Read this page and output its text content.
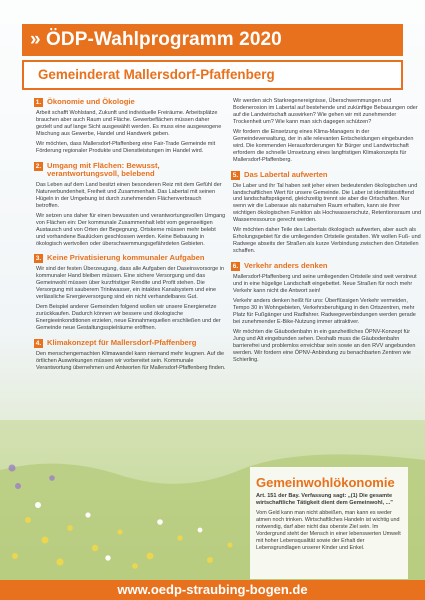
» ÖDP-Wahlprogramm 2020
Gemeinderat Mallersdorf-Pfaffenberg
1. Ökonomie und Ökologie

Arbeit schafft Wohlstand, Zukunft und individuelle Freiräume. Arbeitsplätze brauchen aber auch Raum und Fläche. Gewerbeflächen müssen daher gezielt und auf lange Sicht ausgewählt werden. Es muss eine ausgewogene Mischung aus Gewerbe, Handel und Handwerk geben.

Wir möchten, dass Mallersdorf-Pfaffenberg eine Fair-Trade Gemeinde mit Förderung regionaler Produkte und Dienstleistungen im Handel wird.

2. Umgang mit Flächen: Bewusst, verantwortungsvoll, belebend

Das Leben auf dem Land besitzt einen besonderen Reiz mit dem Gefühl der Naturverbundenheit, Freiheit und Zusammenhalt. Das Labertal mit seinen Hügeln in der Umgebung ist durch zunehmenden Flächenverbrauch betroffen.

Wir setzen uns daher für einen bewussten und verantwortungsvollen Umgang von Flächen ein: Der kommunale Zusammenhalt lebt vom gegenseitigen Austausch und von Orten der Begegnung. Ortskerne müssen mehr belebt und vorhandene Baulücken geschlossen werden. Keine Bebauung in ökologisch wertvollen oder überschwemmungsgefährdeten Gebieten.

3. Keine Privatisierung kommunaler Aufgaben

Wir sind der festen Überzeugung, dass alle Aufgaben der Daseinsvorsorge in kommunaler Hand bleiben müssen. Eine sichere Versorgung und das Gemeinwohl müssen über kurzfristiger Rendite und Profit stehen. Die Versorgung mit sauberem Trinkwasser, ein intaktes Kanalsystem und eine verlässliche Energieversorgung sind ein nicht verhandelbares Gut.

Dem Beispiel anderer Gemeinden folgend wollen wir unsere Energienetze zurückkaufen. Dadurch können wir bessere und ökologische Energieeinkonditionen erzielen, neue Einnahmequellen erschließen und der Gemeinde neue Gestaltungsspielräume eröffnen.

4. Klimakonzept für Mallersdorf-Pfaffenberg

Den menschengemachten Klimawandel kann niemand mehr leugnen. Auf die örtlichen Auswirkungen müssen wir vorbereitet sein. Kommunale Verantwortung übernehmen und Antworten für Mallersdorf-Pfaffenberg finden.

Wir werden sich Starkregenereignisse, Überschwemmungen und Bodenerosion im Labertal auf bestehende und zukünftige Bebauungen oder auf die Landwirtschaft auswirken? Wie gehen wir mit zunehmender Trockenheit um? Wie kann man sich dagegen schützen?

Wir fordern die Einsetzung eines Klima-Managers in der Gemeindeverwaltung, der in alle relevanten Entscheidungen eingebunden wird. Die kommenden Herausforderungen für Bürger und Landwirtschaft erfordern die schnelle Umsetzung eines langfristigen Klimakonzepts für Mallersdorf-Pfaffenberg.

5. Das Labertal aufwerten

Die Laber und ihr Tal haben seit jeher einen bedeutenden ökologischen und landschaftlichen Wert für unsere Gemeinde. Die Laber ist identitätsstiftend und landschaftsprägend, gleichzeitig trennt sie aber die Ortschaften. Nur wenn wir die Laberaue als naturnahen Raum erhalten, kann sie ihrer wichtigen ökologischen Funktion als Hochwasserschutz, Retentionsraum und Wasserressource gerecht werden.

Wir möchten daher Teile des Labertals ökologisch aufwerten, aber auch als Erholungsgebiet für die umliegenden Ortsteile gestalten. Wir wollen Fuß- und Radwege abseits der Straßen als kurze Verbindung zwischen den Ortsteilen schaffen.

6. Verkehr anders denken

Mallersdorf-Pfaffenberg und seine umliegenden Ortsteile sind weit verstreut und in eine hügelige Landschaft eingebettet. Neue Straßen für noch mehr Verkehr kann nicht die Antwort sein!

Verkehr anders denken heißt für uns: Überflüssigen Verkehr vermeiden, Tempo 30 in Wohngebieten, Verkehrsberuhigung in den Ortszentren, mehr Platz für Fußgänger und Radfahrer. Radwegeverbindungen werden gerade bei zunehmender E-Bike-Nutzung immer attraktiver.

Wir möchten die Gäubodenbahn in ein ganzheitliches ÖPNV-Konzept für Jung und Alt eingebunden sehen. Deshalb muss die Gäubodenbahn barrierefrei und problemlos erreichbar sein sowie an den RVV angebunden werden. Wir fordern eine ÖPNV-Anbindung zu benachbarten Zentren wie Schierling.

Gemeinwohlökonomie
Art. 151 der Bay. Verfassung sagt: „(1) Die gesamte wirtschaftliche Tätigkeit dient dem Gemeinwohl, ..."
Vom Geld kann man nicht abbeißen, man kann es weder atmen noch trinken. Wirtschaftliches Handeln ist wichtig und notwendig, darf aber nicht das oberste Ziel sein. Im Vordergrund steht der Mensch in einer lebenswerten Umwelt mit hoher Lebensqualität sowie der Erhalt der Lebensgrundlagen unserer Kinder und Enkel.
www.oedp-straubing-bogen.de
